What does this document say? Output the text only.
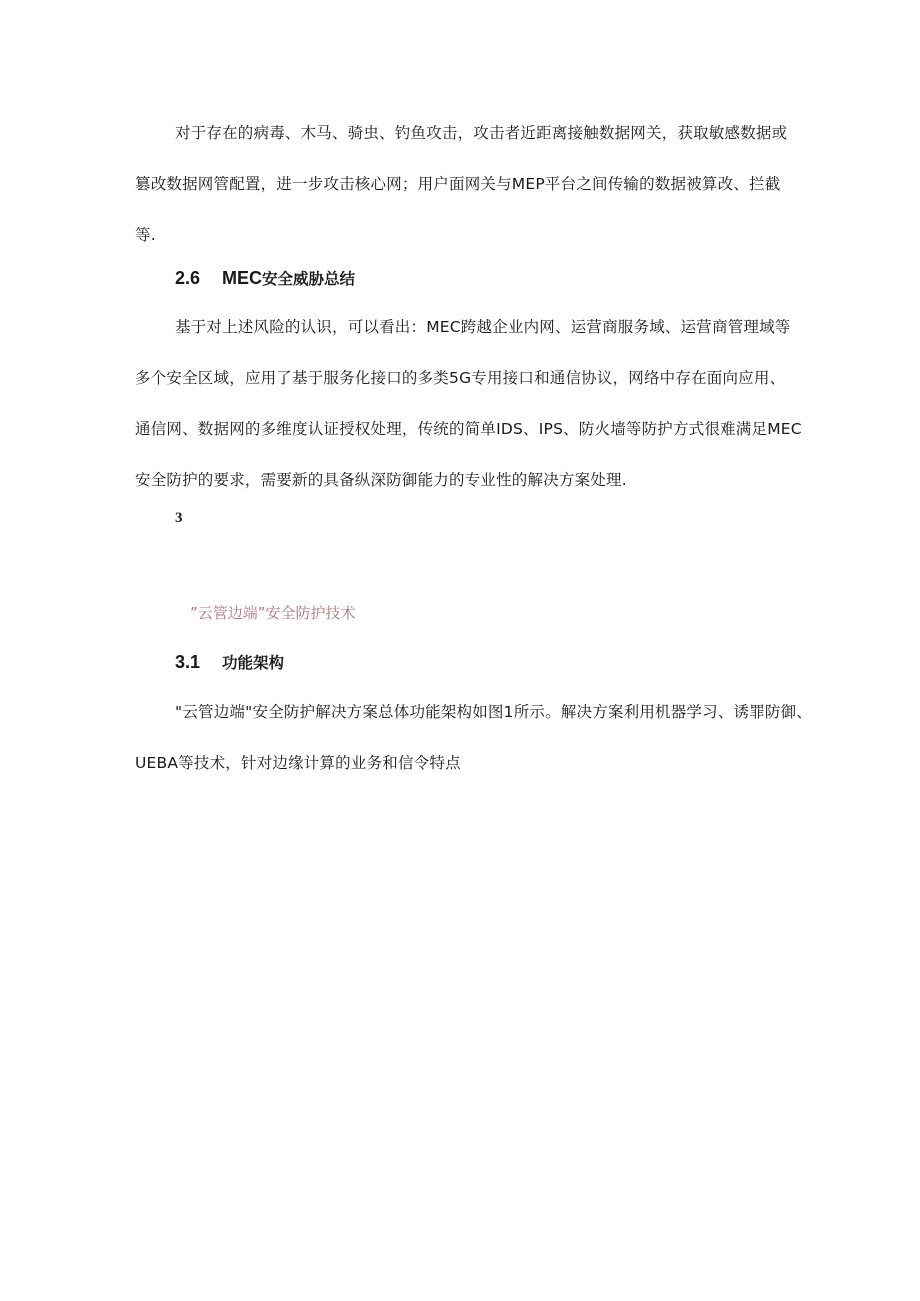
对于存在的病毒、木马、骑虫、钓鱼攻击，攻击者近距离接触数据网关，获取敏感数据或
篡改数据网管配置，进一步攻击核心网；用户面网关与MEP平台之间传输的数据被算改、拦截
等.

2.6 MEC安全威胁总结

基于对上述风险的认识，可以看出：MEC跨越企业内网、运营商服务域、运营商管理域等
多个安全区域，应用了基于服务化接口的多类5G专用接口和通信协议，网络中存在面向应用、
通信网、数据网的多维度认证授权处理，传统的简单IDS、IPS、防火墙等防护方式很难满足MEC
安全防护的要求，需要新的具备纵深防御能力的专业性的解决方案处理.

3

”云管边端”安全防护技术

3.1 功能架构

"云管边端"安全防护解决方案总体功能架构如图1所示。解决方案利用机器学习、诱罪防御、
UEBA等技术，针对边缘计算的业务和信令特点
